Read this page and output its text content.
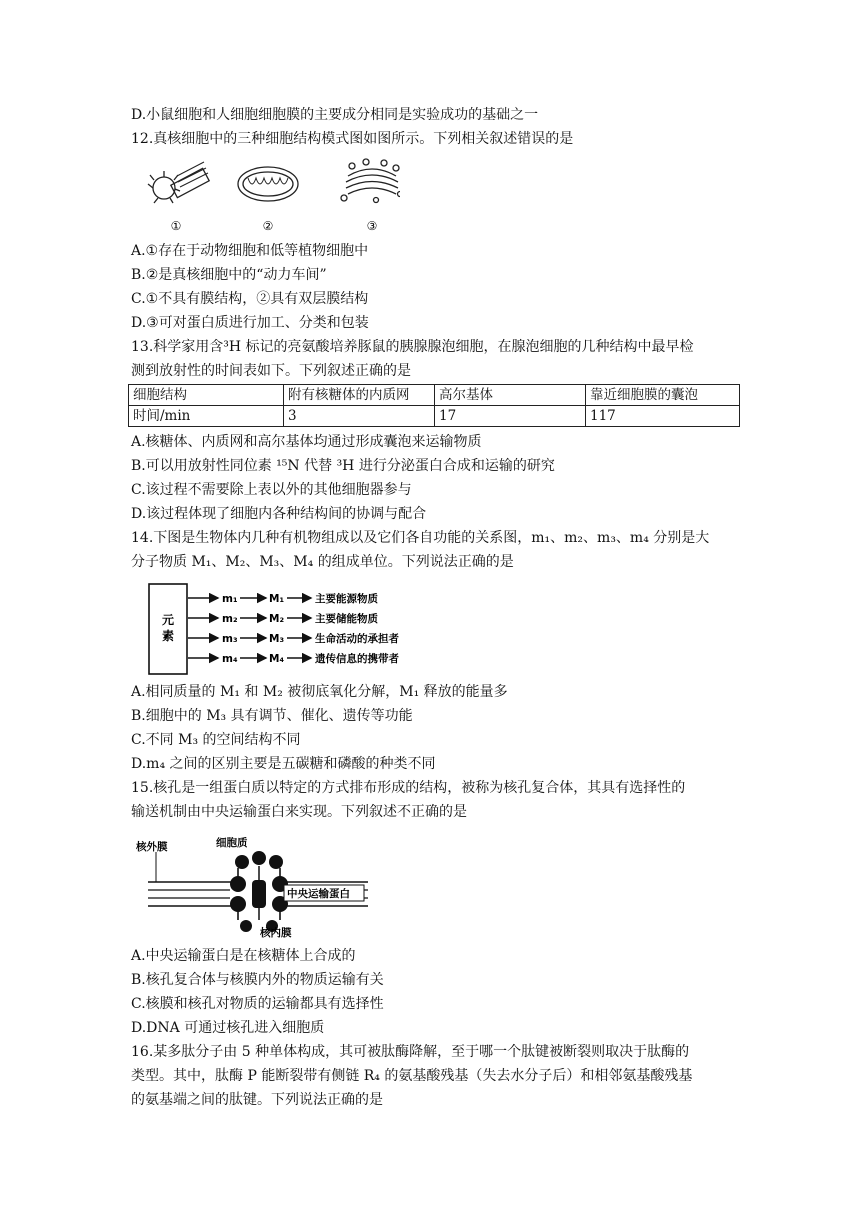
D.小鼠细胞和人细胞细胞膜的主要成分相同是实验成功的基础之一
12.真核细胞中的三种细胞结构模式图如图所示。下列相关叙述错误的是
①	②	③
A.①存在于动物细胞和低等植物细胞中
B.②是真核细胞中的“动力车间”
C.①不具有膜结构，②具有双层膜结构
D.③可对蛋白质进行加工、分类和包装
13.科学家用含³H 标记的亮氨酸培养豚鼠的胰腺腺泡细胞，在腺泡细胞的几种结构中最早检
测到放射性的时间表如下。下列叙述正确的是
细胞结构	附有核糖体的内质网	高尔基体	靠近细胞膜的囊泡
时间/min	3	17	117
A.核糖体、内质网和高尔基体均通过形成囊泡来运输物质
B.可以用放射性同位素 ¹⁵N 代替 ³H 进行分泌蛋白合成和运输的研究
C.该过程不需要除上表以外的其他细胞器参与
D.该过程体现了细胞内各种结构间的协调与配合
14.下图是生物体内几种有机物组成以及它们各自功能的关系图，m₁、m₂、m₃、m₄ 分别是大
分子物质 M₁、M₂、M₃、M₄ 的组成单位。下列说法正确的是
元
素
m₁	M₁	主要能源物质
m₂	M₂	主要储能物质
m₃	M₃	生命活动的承担者
m₄	M₄	遗传信息的携带者
A.相同质量的 M₁ 和 M₂ 被彻底氧化分解，M₁ 释放的能量多
B.细胞中的 M₃ 具有调节、催化、遗传等功能
C.不同 M₃ 的空间结构不同
D.m₄ 之间的区别主要是五碳糖和磷酸的种类不同
15.核孔是一组蛋白质以特定的方式排布形成的结构，被称为核孔复合体，其具有选择性的
输送机制由中央运输蛋白来实现。下列叙述不正确的是
细胞质
核外膜
中央运输蛋白
核内膜
A.中央运输蛋白是在核糖体上合成的
B.核孔复合体与核膜内外的物质运输有关
C.核膜和核孔对物质的运输都具有选择性
D.DNA 可通过核孔进入细胞质
16.某多肽分子由 5 种单体构成，其可被肽酶降解，至于哪一个肽键被断裂则取决于肽酶的
类型。其中，肽酶 P 能断裂带有侧链 R₄ 的氨基酸残基（失去水分子后）和相邻氨基酸残基
的氨基端之间的肽键。下列说法正确的是
